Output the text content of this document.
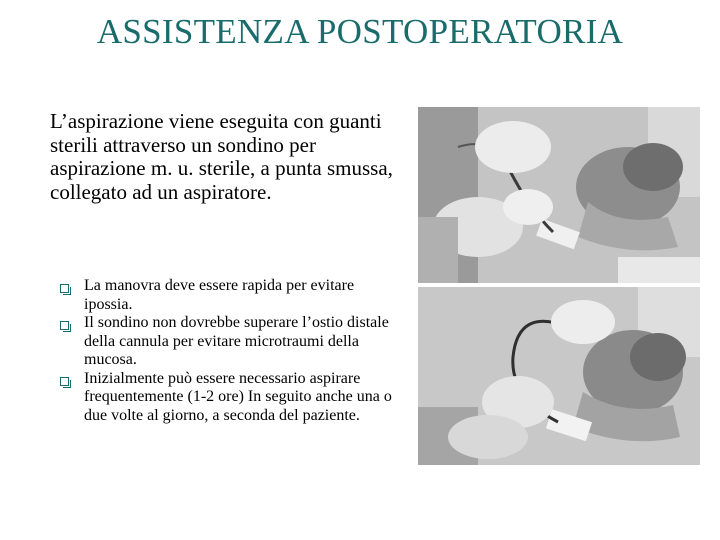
ASSISTENZA POSTOPERATORIA
L’aspirazione viene eseguita con guanti sterili attraverso un sondino per aspirazione m. u. sterile, a punta smussa, collegato ad un aspiratore.
La manovra deve essere rapida per evitare ipossia.
Il sondino non dovrebbe superare l’ostio distale della cannula per evitare microtraumi della mucosa.
Inizialmente può essere necessario aspirare frequentemente (1-2 ore) In seguito anche una o due volte al giorno, a seconda del paziente.
